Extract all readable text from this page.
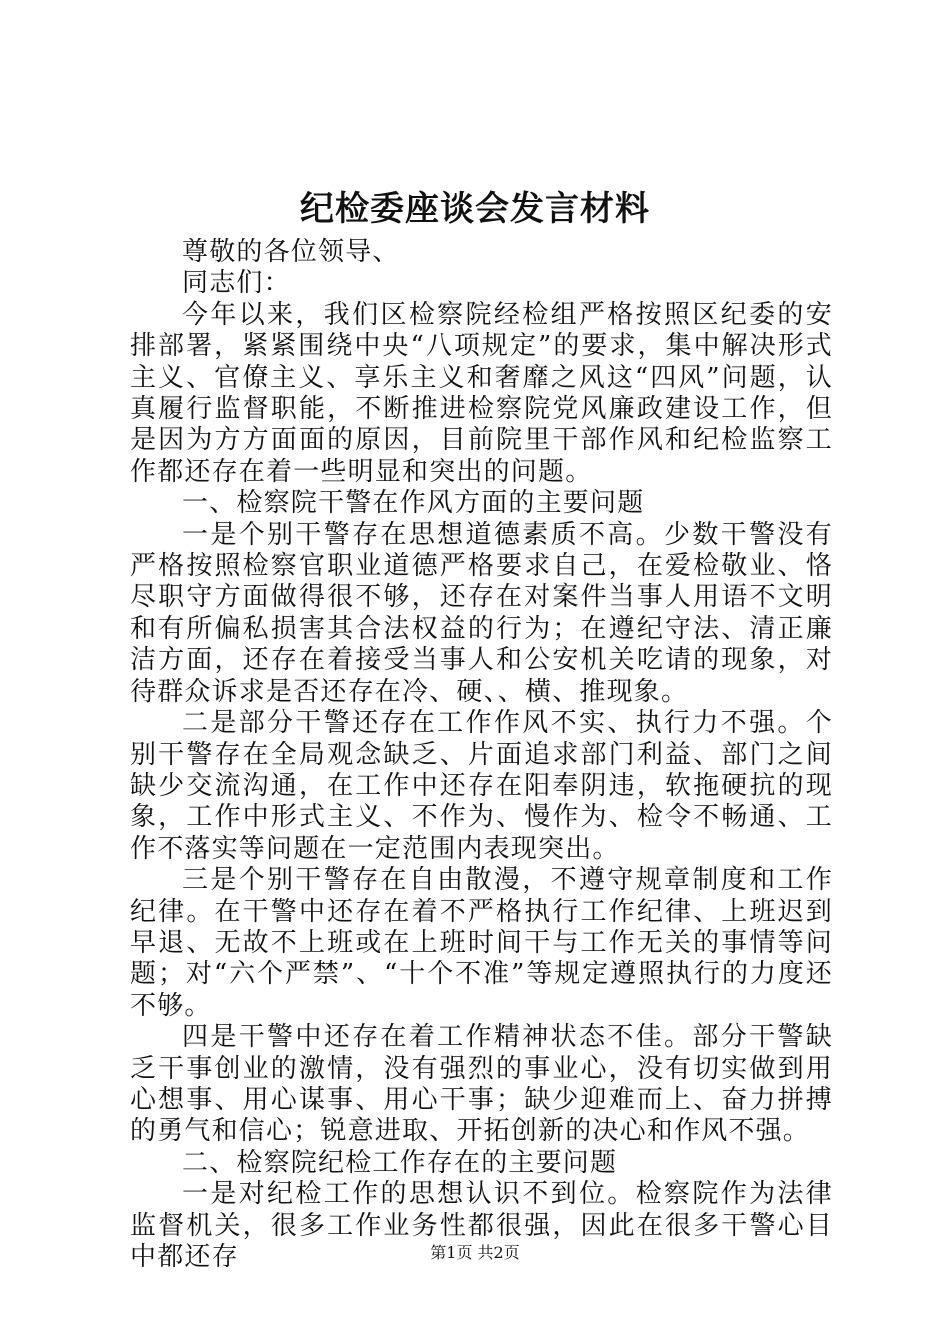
纪检委座谈会发言材料

尊敬的各位领导、

同志们：

今年以来，我们区检察院经检组严格按照区纪委的安排部署，紧紧围绕中央“八项规定”的要求，集中解决形式主义、官僚主义、享乐主义和奢靡之风这“四风”问题，认真履行监督职能，不断推进检察院党风廉政建设工作，但是因为方方面面的原因，目前院里干部作风和纪检监察工作都还存在着一些明显和突出的问题。

一、检察院干警在作风方面的主要问题

一是个别干警存在思想道德素质不高。少数干警没有严格按照检察官职业道德严格要求自己，在爱检敬业、恪尽职守方面做得很不够，还存在对案件当事人用语不文明和有所偏私损害其合法权益的行为；在遵纪守法、清正廉洁方面，还存在着接受当事人和公安机关吃请的现象，对待群众诉求是否还存在冷、硬、、横、推现象。

二是部分干警还存在工作作风不实、执行力不强。个别干警存在全局观念缺乏、片面追求部门利益、部门之间缺少交流沟通，在工作中还存在阳奉阴违，软拖硬抗的现象，工作中形式主义、不作为、慢作为、检令不畅通、工作不落实等问题在一定范围内表现突出。

三是个别干警存在自由散漫，不遵守规章制度和工作纪律。在干警中还存在着不严格执行工作纪律、上班迟到早退、无故不上班或在上班时间干与工作无关的事情等问题；对“六个严禁”、“十个不准”等规定遵照执行的力度还不够。

四是干警中还存在着工作精神状态不佳。部分干警缺乏干事创业的激情，没有强烈的事业心，没有切实做到用心想事、用心谋事、用心干事；缺少迎难而上、奋力拼搏的勇气和信心；锐意进取、开拓创新的决心和作风不强。

二、检察院纪检工作存在的主要问题

一是对纪检工作的思想认识不到位。检察院作为法律监督机关，很多工作业务性都很强，因此在很多干警心目中都还存	第1页 共2页
